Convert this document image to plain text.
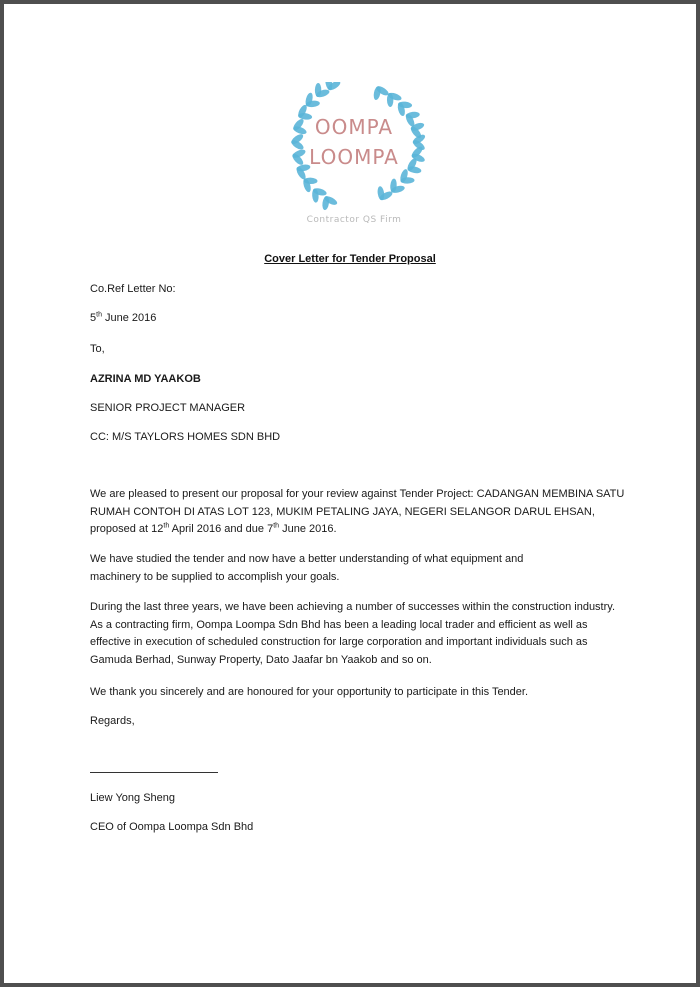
OOMPA
LOOMPA
Contractor QS Firm
Cover Letter for Tender Proposal
Co.Ref Letter No:
5th June 2016
To,
AZRINA MD YAAKOB
SENIOR PROJECT MANAGER
CC: M/S TAYLORS HOMES SDN BHD
We are pleased to present our proposal for your review against Tender Project: CADANGAN MEMBINA SATU RUMAH CONTOH DI ATAS LOT 123, MUKIM PETALING JAYA, NEGERI SELANGOR DARUL EHSAN, proposed at 12th April 2016 and due 7th June 2016.
We have studied the tender and now have a better understanding of what equipment and machinery to be supplied to accomplish your goals.
During the last three years, we have been achieving a number of successes within the construction industry. As a contracting firm, Oompa Loompa Sdn Bhd has been a leading local trader and efficient as well as effective in execution of scheduled construction for large corporation and important individuals such as Gamuda Berhad, Sunway Property, Dato Jaafar bn Yaakob and so on.
We thank you sincerely and are honoured for your opportunity to participate in this Tender.
Regards,
Liew Yong Sheng
CEO of Oompa Loompa Sdn Bhd
